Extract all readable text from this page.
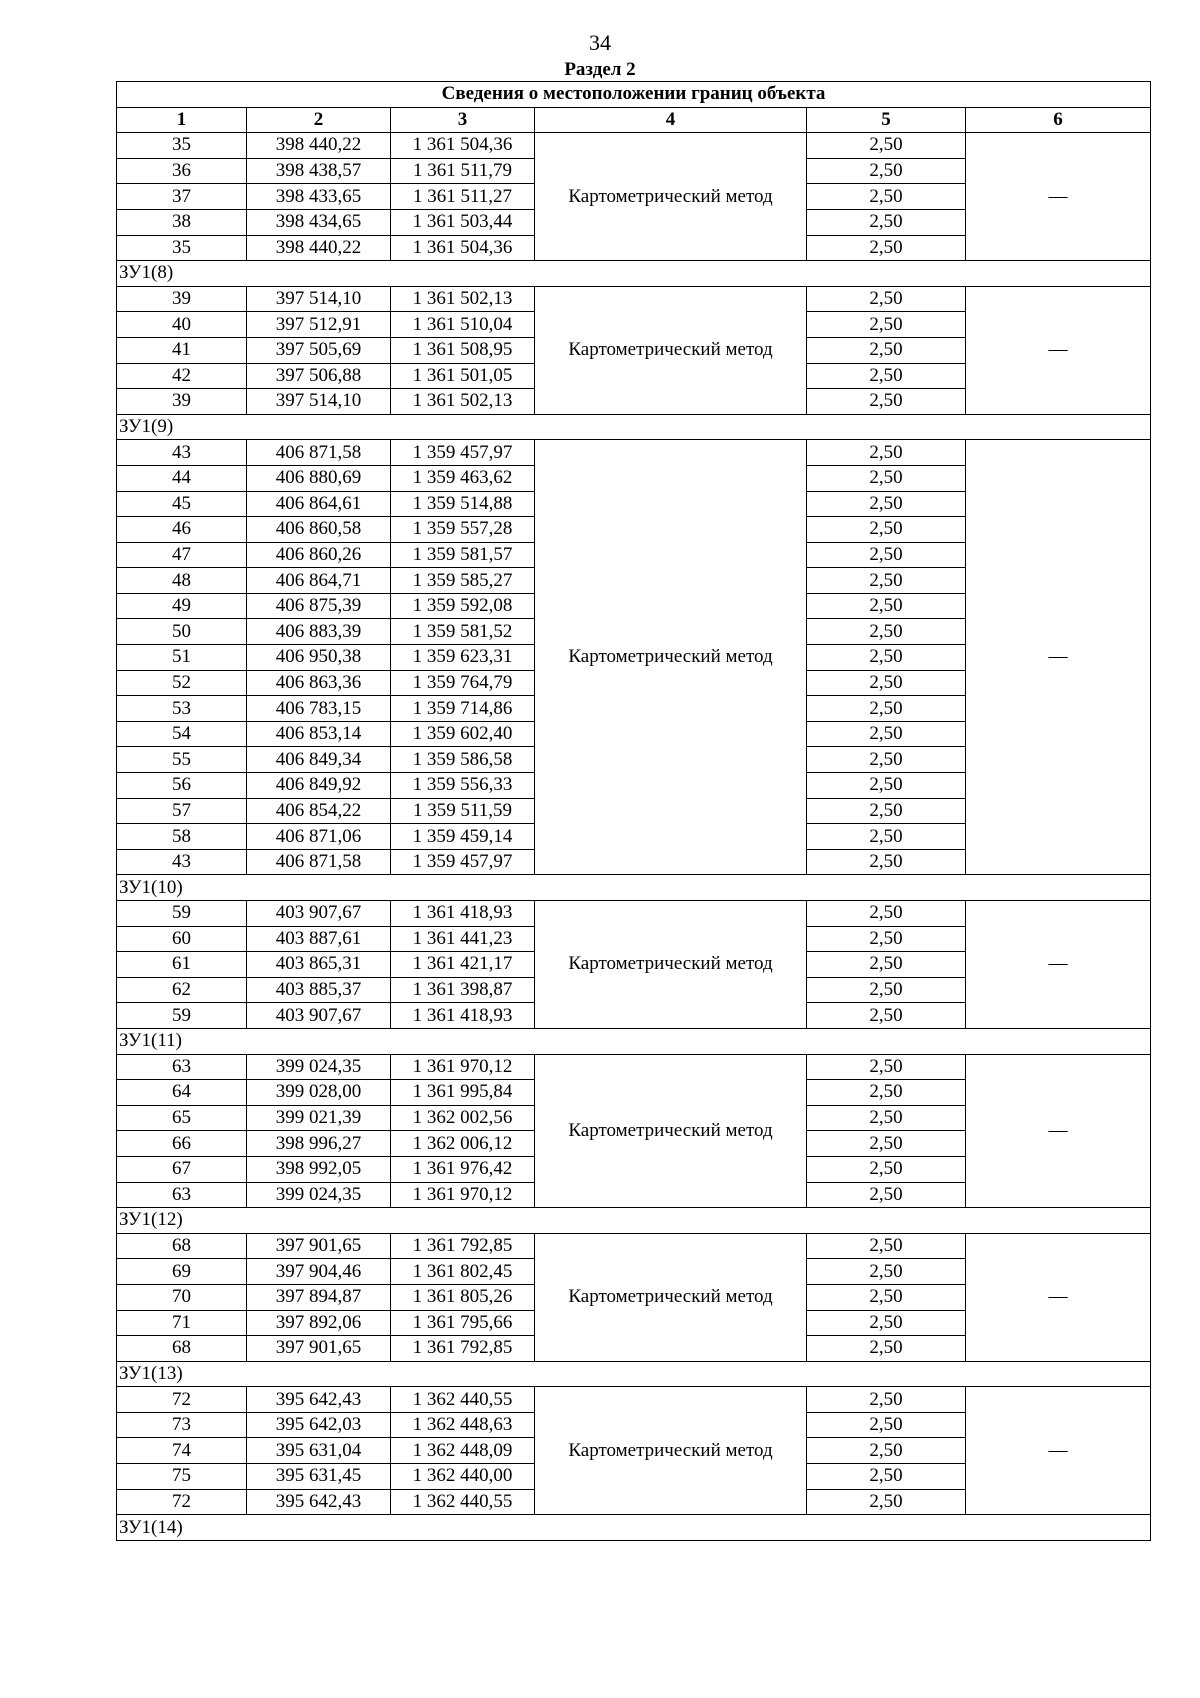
34
Раздел 2
Сведения о местоположении границ объекта					
1	2	3	4	5	6
35	398 440,22	1 361 504,36	Картометрический метод	2,50	—
36	398 438,57	1 361 511,79		2,50	
37	398 433,65	1 361 511,27		2,50	
38	398 434,65	1 361 503,44		2,50	
35	398 440,22	1 361 504,36		2,50	
ЗУ1(8)					
39	397 514,10	1 361 502,13	Картометрический метод	2,50	—
40	397 512,91	1 361 510,04		2,50	
41	397 505,69	1 361 508,95		2,50	
42	397 506,88	1 361 501,05		2,50	
39	397 514,10	1 361 502,13		2,50	
ЗУ1(9)					
43	406 871,58	1 359 457,97	Картометрический метод	2,50	—
44	406 880,69	1 359 463,62		2,50	
45	406 864,61	1 359 514,88		2,50	
46	406 860,58	1 359 557,28		2,50	
47	406 860,26	1 359 581,57		2,50	
48	406 864,71	1 359 585,27		2,50	
49	406 875,39	1 359 592,08		2,50	
50	406 883,39	1 359 581,52		2,50	
51	406 950,38	1 359 623,31		2,50	
52	406 863,36	1 359 764,79		2,50	
53	406 783,15	1 359 714,86		2,50	
54	406 853,14	1 359 602,40		2,50	
55	406 849,34	1 359 586,58		2,50	
56	406 849,92	1 359 556,33		2,50	
57	406 854,22	1 359 511,59		2,50	
58	406 871,06	1 359 459,14		2,50	
43	406 871,58	1 359 457,97		2,50	
ЗУ1(10)					
59	403 907,67	1 361 418,93	Картометрический метод	2,50	—
60	403 887,61	1 361 441,23		2,50	
61	403 865,31	1 361 421,17		2,50	
62	403 885,37	1 361 398,87		2,50	
59	403 907,67	1 361 418,93		2,50	
ЗУ1(11)					
63	399 024,35	1 361 970,12	Картометрический метод	2,50	—
64	399 028,00	1 361 995,84		2,50	
65	399 021,39	1 362 002,56		2,50	
66	398 996,27	1 362 006,12		2,50	
67	398 992,05	1 361 976,42		2,50	
63	399 024,35	1 361 970,12		2,50	
ЗУ1(12)					
68	397 901,65	1 361 792,85	Картометрический метод	2,50	—
69	397 904,46	1 361 802,45		2,50	
70	397 894,87	1 361 805,26		2,50	
71	397 892,06	1 361 795,66		2,50	
68	397 901,65	1 361 792,85		2,50	
ЗУ1(13)					
72	395 642,43	1 362 440,55	Картометрический метод	2,50	—
73	395 642,03	1 362 448,63		2,50	
74	395 631,04	1 362 448,09		2,50	
75	395 631,45	1 362 440,00		2,50	
72	395 642,43	1 362 440,55		2,50	
ЗУ1(14)					
